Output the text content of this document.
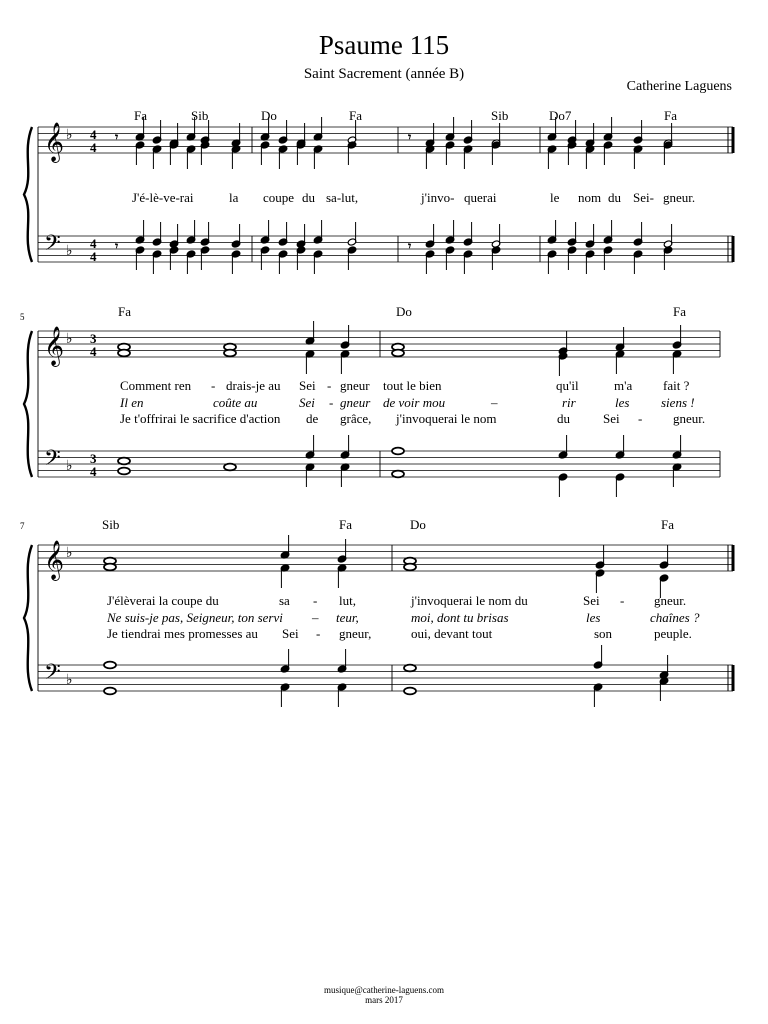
Psaume 115
Saint Sacrement (année B)
Catherine Laguens
Fa	Sib	Do	Fa	Sib	Do7	Fa
J'é-lè-ve-rai	la coupe du sa-lut,	j'invo- querai	le nom du Sei- gneur.
5	Fa	Do	Fa
Comment ren - drais-je au Sei - gneur tout le bien	qu'il	m'a fait ?
Il en	coûte au	Sei - gneur de voir mou	–	rir	les siens !
Je t'offrirai le sacrifice d'action de grâce, j'invoquerai le nom	du	Sei - gneur.
7	Sib	Fa	Do	Fa
J'élèverai la coupe du	sa - lut,	j'invoquerai le nom du	Sei - gneur.
Ne suis-je pas, Seigneur, ton servi – teur,	moi, dont tu brisas	les	chaînes ?
Je tiendrai mes promesses au Sei - gneur,	oui, devant tout	son	peuple.
musique@catherine-laguens.com
mars 2017
𝄞
𝄢
♭
♭
4
4
4
4
𝄾	𝄾
𝄾	𝄾
𝄞
𝄢
♭
♭
3
4
3
4
𝄞
𝄢
♭
♭
